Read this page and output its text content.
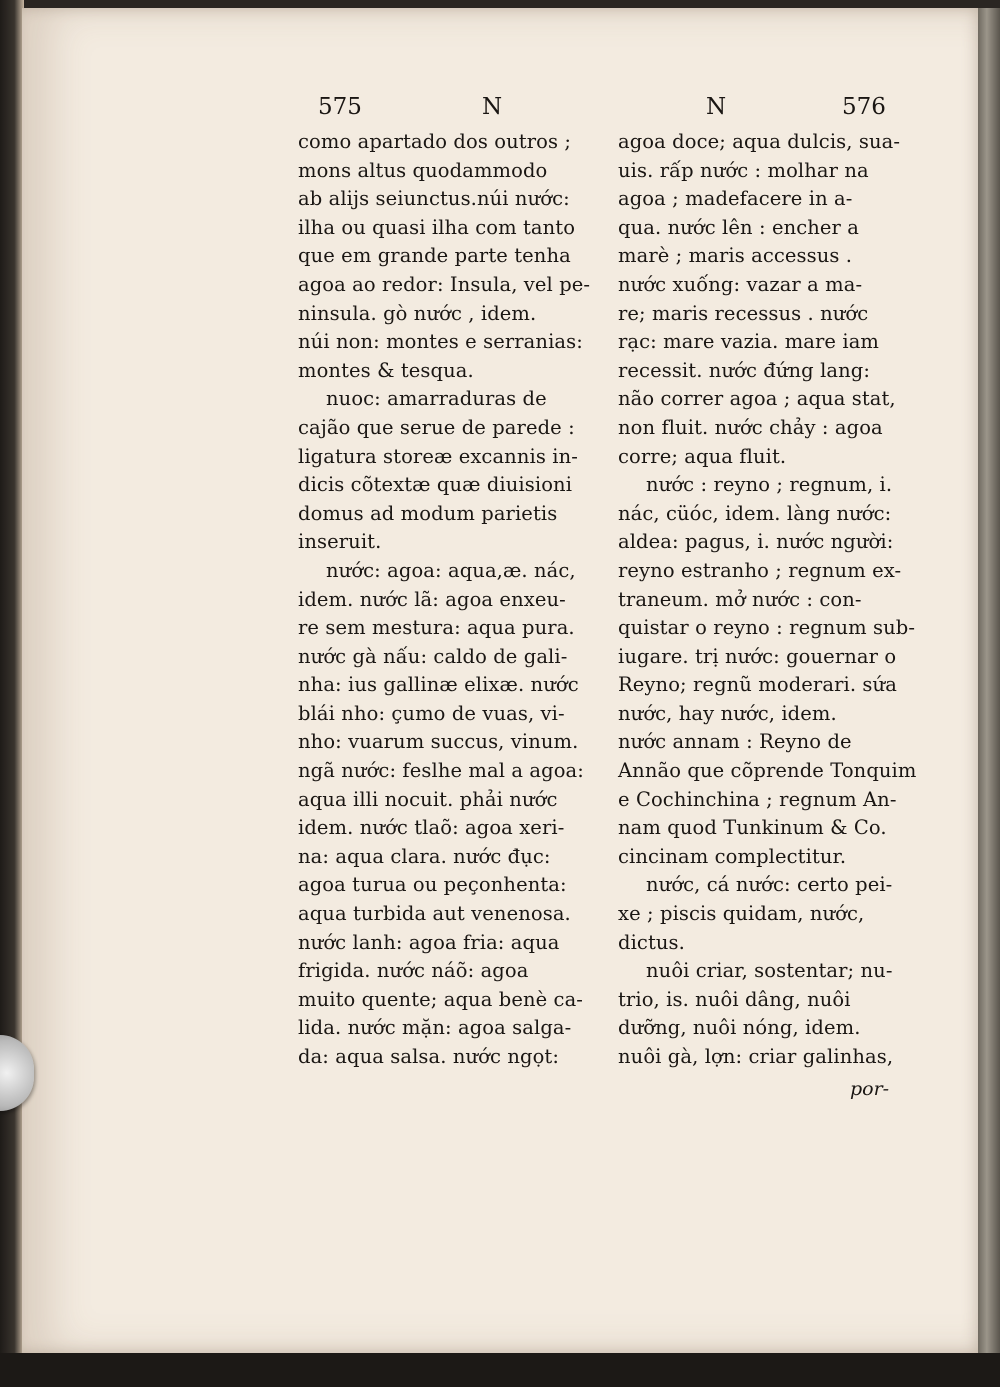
575	N	N	576
como apartado dos outros ;
mons altus quodammodo
ab alijs seiunctus.núi nước:
ilha ou quasi ilha com tanto
que em grande parte tenha
agoa ao redor: Insula, vel pe-
ninsula. gò nước , idem.
núi non: montes e serranias:
montes & tesqua.
nuoc: amarraduras de
cajão que serue de parede :
ligatura storeæ excannis in-
dicis cõtextæ quæ diuisioni
domus ad modum parietis
inseruit.
nước: agoa: aqua,æ. nác,
idem. nước lã: agoa enxeu-
re sem mestura: aqua pura.
nước gà nấu: caldo de gali-
nha: ius gallinæ elixæ. nước
blái nho: çumo de vuas, vi-
nho: vuarum succus, vinum.
ngã nước: feslhe mal a agoa:
aqua illi nocuit. phải nước
idem. nước tlaõ: agoa xeri-
na: aqua clara. nước đục:
agoa turua ou peçonhenta:
aqua turbida aut venenosa.
nước lanh: agoa fria: aqua
frigida. nước náõ: agoa
muito quente; aqua benè ca-
lida. nước mặn: agoa salga-
da: aqua salsa. nước ngọt:
agoa doce; aqua dulcis, sua-
uis. rấp nước : molhar na
agoa ; madefacere in a-
qua. nước lên : encher a
marè ; maris accessus .
nước xuống: vazar a ma-
re; maris recessus . nước
rạc: mare vazia. mare iam
recessit. nước đứng lang:
não correr agoa ; aqua stat,
non fluit. nước chảy : agoa
corre; aqua fluit.
nước : reyno ; regnum, i.
nác, cüóc, idem. làng nước:
aldea: pagus, i. nước người:
reyno estranho ; regnum ex-
traneum. mở nước : con-
quistar o reyno : regnum sub-
iugare. trị nước: gouernar o
Reyno; regnũ moderari. sứa
nước, hay nước, idem.
nước annam : Reyno de
Annão que cõprende Tonquim
e Cochinchina ; regnum An-
nam quod Tunkinum & Co.
cincinam complectitur.
nước, cá nước: certo pei-
xe ; piscis quidam, nước,
dictus.
nuôi criar, sostentar; nu-
trio, is. nuôi dâng, nuôi
dưỡng, nuôi nóng, idem.
nuôi gà, lợn: criar galinhas,
por-
